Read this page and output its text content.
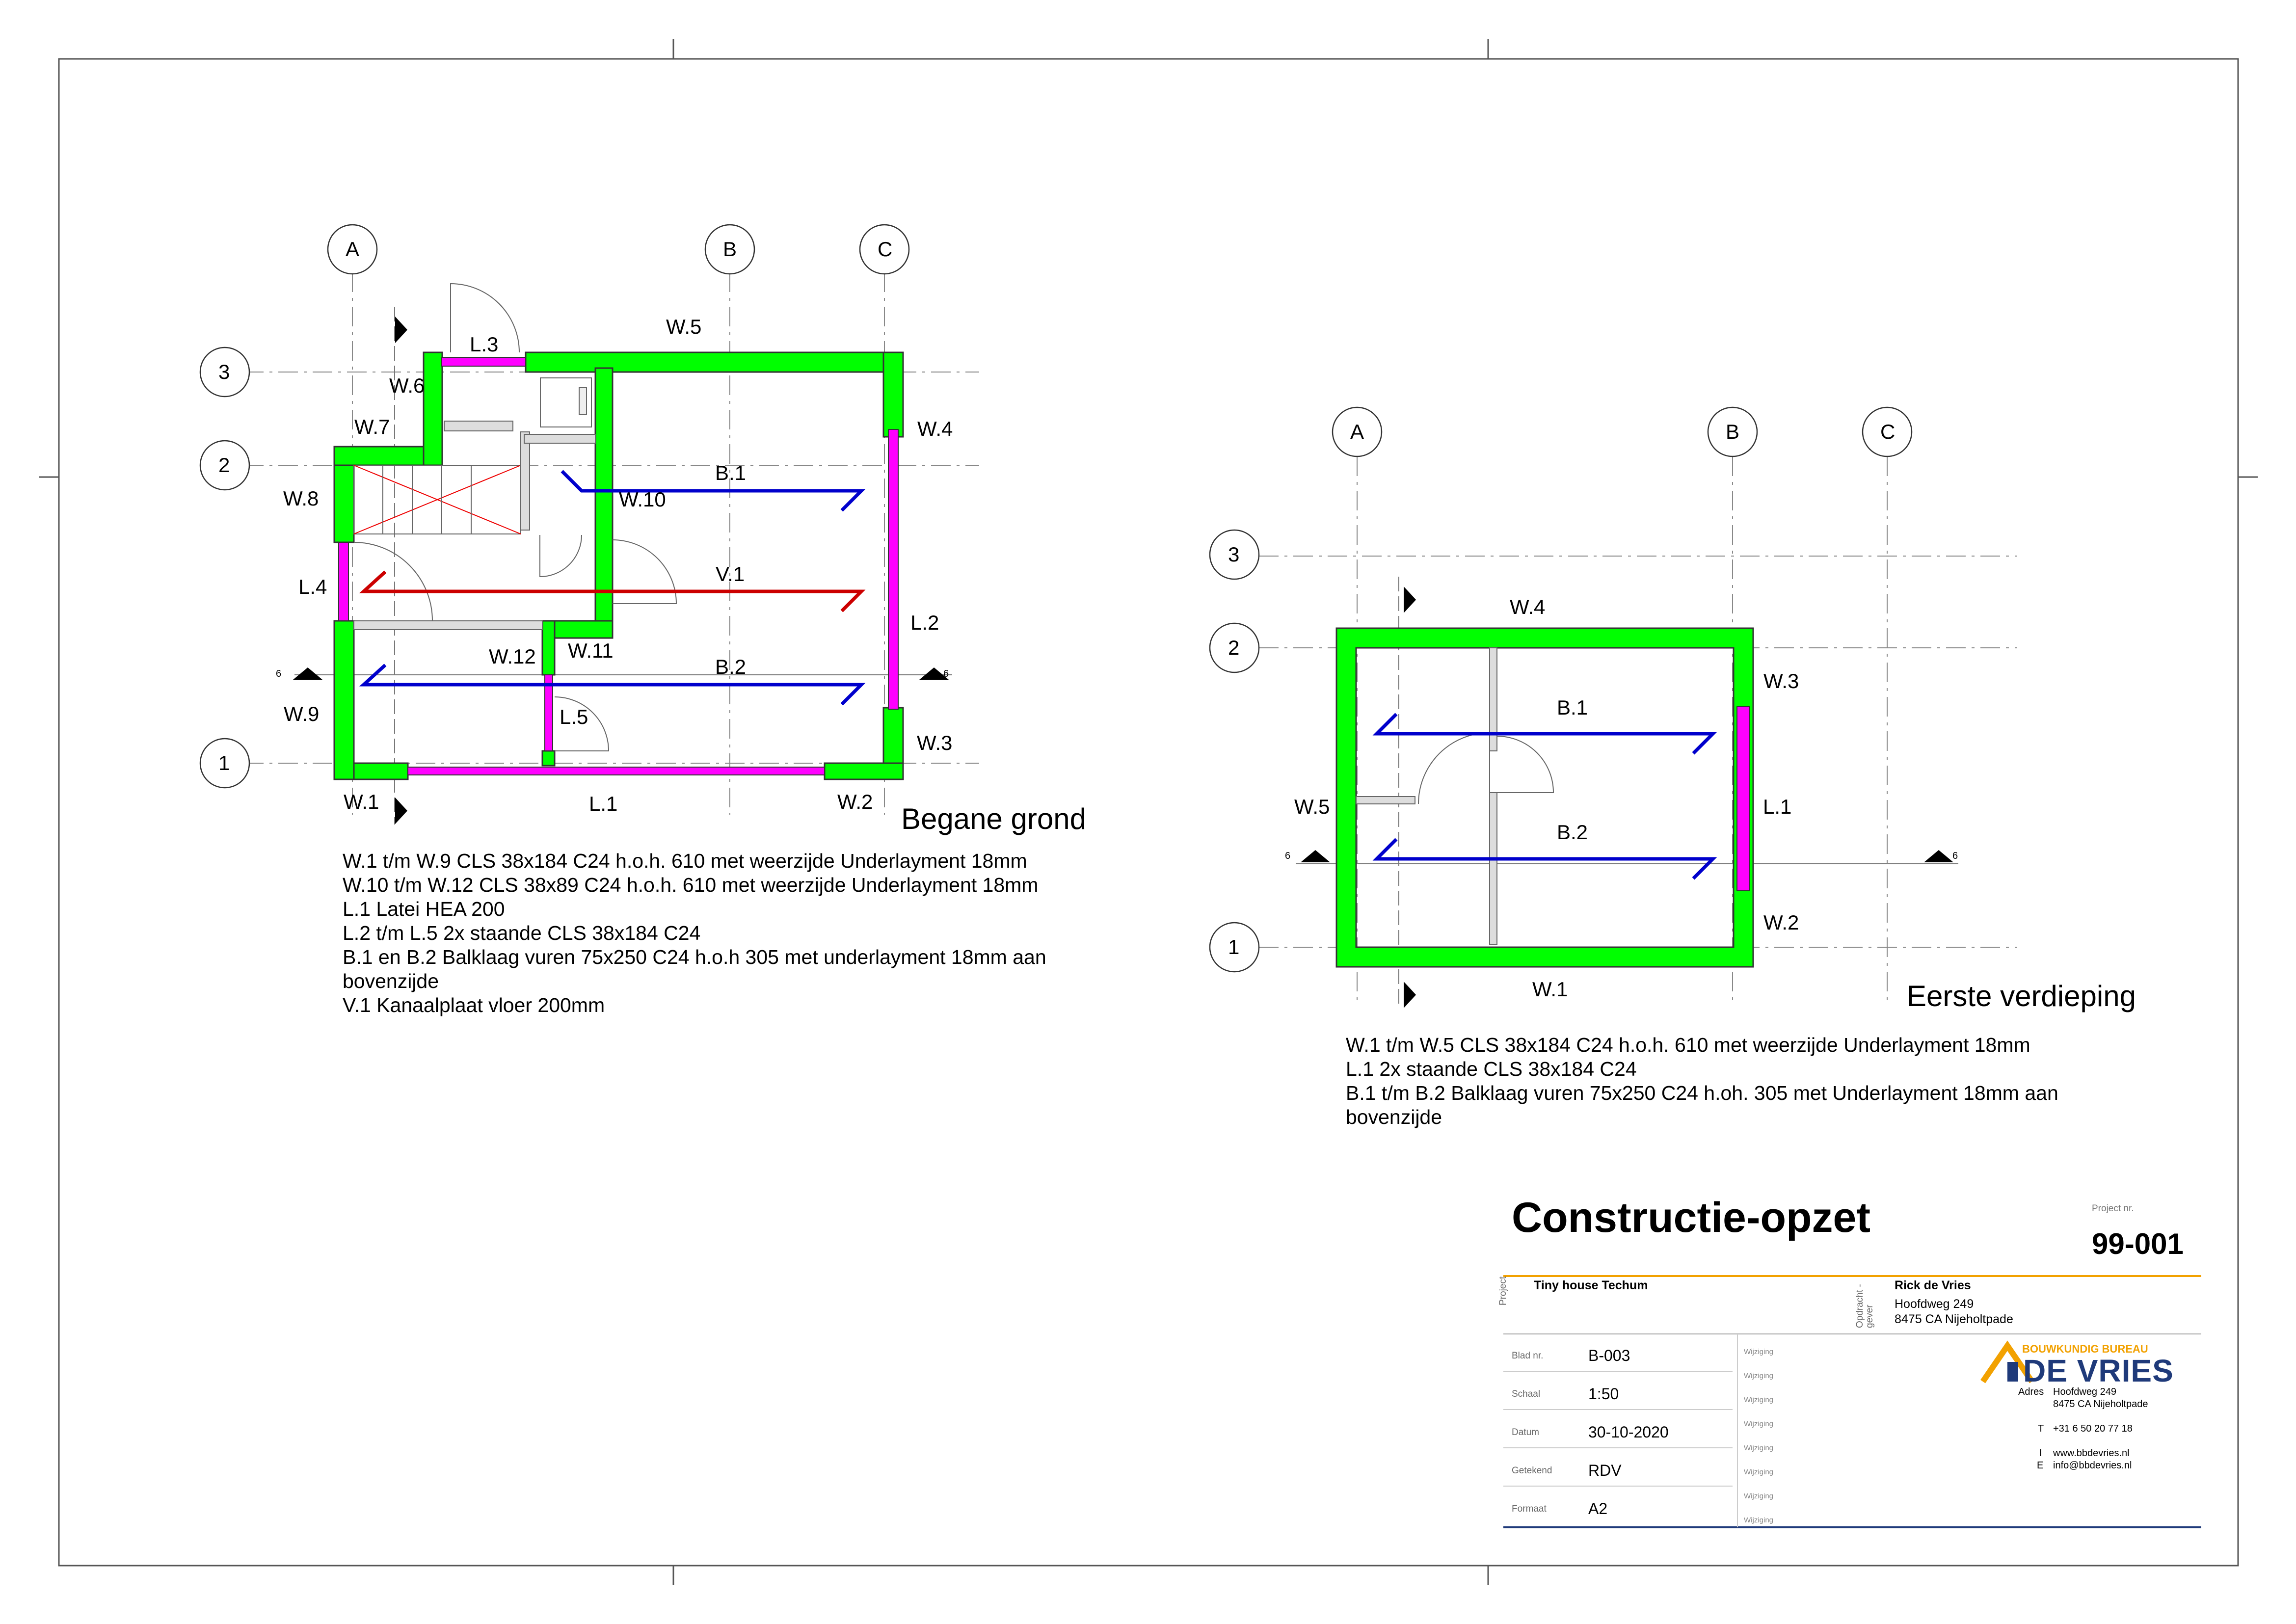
A	B	C
3
2
1
L.3
W.5
W.6
W.7	W.4
W.8	W.10
B.1
L.4
V.1
L.2
W.12 W.11
B.2
W.9	L.5
W.3
W.1	L.1	W.2
6	6
Begane grond
W.1 t/m W.9 CLS 38x184 C24 h.o.h. 610 met weerzijde Underlayment 18mm
W.10 t/m W.12 CLS 38x89 C24 h.o.h. 610 met weerzijde Underlayment 18mm
L.1 Latei HEA 200
L.2 t/m L.5 2x staande CLS 38x184 C24
B.1 en B.2 Balklaag vuren 75x250 C24 h.o.h 305 met underlayment 18mm aan bovenzijde
V.1 Kanaalplaat vloer 200mm
A	B	C
3
2
1
W.4
W.3
B.1
W.5	L.1
B.2
W.2
W.1
6	6
Eerste verdieping
W.1 t/m W.5 CLS 38x184 C24 h.o.h. 610 met weerzijde Underlayment 18mm
L.1 2x staande CLS 38x184 C24
B.1 t/m B.2 Balklaag vuren 75x250 C24 h.oh. 305 met Underlayment 18mm aan bovenzijde
Constructie-opzet	Project nr.
99-001
Project Tiny house Techum	Opdracht -gever
Rick de Vries
Hoofdweg 249
8475 CA Nijeholtpade
Blad nr.	B-003
Schaal	1:50
Datum	30-10-2020
Getekend RDV
Formaat	A2
Wijziging
Wijziging
Wijziging
Wijziging
Wijziging
Wijziging
Wijziging
Wijziging
BOUWKUNDIG BUREAU
DE VRIES
Adres Hoofdweg 249
8475 CA Nijeholtpade
T +31 6 50 20 77 18
I www.bbdevries.nl
E info@bbdevries.nl
